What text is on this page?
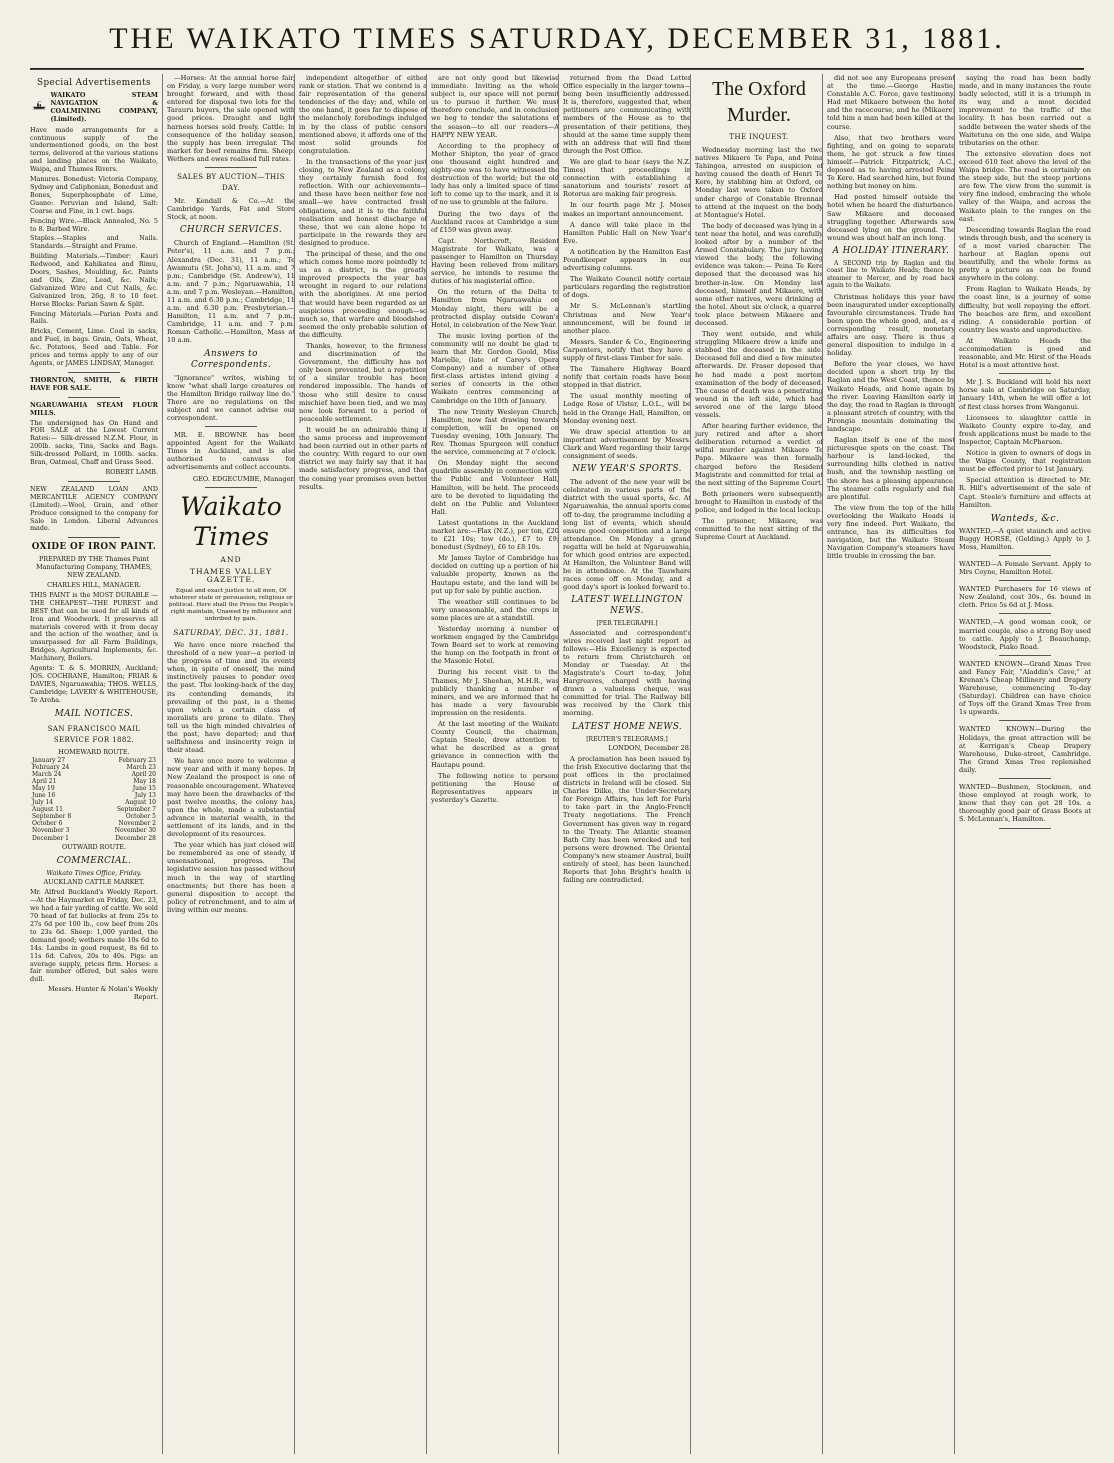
THE WAIKATO TIMES SATURDAY, DECEMBER 31, 1881.
Special Advertisements
WAIKATO STEAM NAVIGATION & COALMINING COMPANY, (Limited).

Have made arrangements for a continuous supply of the undermentioned goods, on the best terms, delivered at the various stations and landing places on the Waikato, Waipa, and Thames Rivers.

Manures. Bonedust: Victoria Company, Sydney and Caliphonian, Bonedust and Bones, Superphosphate of Lime, Guano: Peruvian and Island, Salt: Coarse and Fine, in 1 cwt. bags.

Fencing Wire.—Black Annealed, No. 5 to 8. Barbed Wire.

Staples.—Staples and Nails. Standards.—Straight and Frame.

Building Materials.—Timber: Kauri Redwood, and Kahikatea and Rimu, Doors, Sashes, Moulding, &c. Paints and Oils, Zinc, Lead, &c. Nails; Galvanized Wire and Cut Nails, &c. Galvanized Iron, 26g, 8 to 10 feet. Horse Blocks: Parian Sawn & Split.

Fencing Materials.—Parian Posts and Rails.

Bricks, Cement, Lime. Coal in sacks, and Fuel, in bags. Grain, Oats, Wheat, &c. Potatoes, Seed and Table. For prices and terms apply to any of our Agents, or JAMES LINDSAY, Manager.

THORNTON, SMITH, & FIRTH HAVE FOR SALE.

NGARUAWAHIA STEAM FLOUR MILLS.

The undersigned has On Hand and FOR SALE at the Lowest Current Rates:— Silk-dressed N.Z.M. Flour, in 200lb. sacks, Tins, Sacks and Bags. Silk-dressed Pollard, in 100lb. sacks. Bran, Oatmeal, Chaff and Grass Seed.

ROBERT LAMB.

NEW ZEALAND LOAN AND MERCANTILE AGENCY COMPANY (Limited).—Wool, Grain, and other Produce consigned to the company for Sale in London. Liberal Advances made.

OXIDE OF IRON PAINT.

PREPARED BY THE Thames Paint Manufacturing Company, THAMES, NEW ZEALAND.

CHARLES HILL, MANAGER.

THIS PAINT is the MOST DURABLE —THE CHEAPEST—THE PUREST and BEST that can be used for all kinds of Iron and Woodwork. It preserves all materials covered with it from decay and the action of the weather, and is unsurpassed for all Farm Buildings, Bridges, Agricultural Implements, &c. Machinery, Boilers.

Agents: T. & S. MORRIN, Auckland; JOS. COCHRANE, Hamilton; FRIAR & DAVIES, Ngaruawahia; THOS. WELLS, Cambridge; LAVERY & WHITEHOUSE, Te Aroha.

MAIL NOTICES.
SAN FRANCISCO MAIL SERVICE FOR 1882.
HOMEWARD ROUTE.
January 27	February 23
February 24	March 23
March 24	April 20
April 21	May 18
May 19	June 15
June 16	July 13
July 14	August 10
August 11	September 7
September 8	October 5
October 6	November 2
November 3	November 30
December 1	December 28
OUTWARD ROUTE.
COMMERCIAL.

Waikato Times Office, Friday.

AUCKLAND CATTLE MARKET.

Mr. Alfred Buckland's Weekly Report.—At the Haymarket on Friday, Dec. 23, we had a fair yarding of cattle. We sold 70 head of fat bullocks at from 25s to 27s 6d per 100 lb., cow beef from 20s to 23s 6d. Sheep: 1,000 yarded, the demand good; wethers made 10s 6d to 14s. Lambs in good request, 8s 6d to 11s 6d. Calves, 20s to 40s. Pigs: an average supply, prices firm. Horses: a fair number offered, but sales were dull.

Messrs. Hunter & Nolan's Weekly Report.

—Horses: At the annual horse fair, on Friday, a very large number were brought forward, and with those entered for disposal two lots for the Tarauru buyers, the sale opened with good prices. Draught and light harness horses sold freely. Cattle: In consequence of the holiday season, the supply has been irregular. The market for beef remains firm. Sheep: Wethers and ewes realised full rates.

SALES BY AUCTION—THIS DAY.

Mr. Kendall & Co.—At the Cambridge Yards, Fat and Store Stock, at noon.

CHURCH SERVICES.

Church of England.—Hamilton (St. Peter's), 11 a.m. and 7 p.m.; Alexandra (Dec. 31), 11 a.m.; Te Awamutu (St. John's), 11 a.m. and 7 p.m.; Cambridge (St. Andrew's), 11 a.m. and 7 p.m.; Ngaruawahia, 11 a.m. and 7 p.m. Wesleyan.—Hamilton, 11 a.m. and 6.30 p.m.; Cambridge, 11 a.m. and 6.30 p.m. Presbyterian.—Hamilton, 11 a.m. and 7 p.m.; Cambridge, 11 a.m. and 7 p.m. Roman Catholic.—Hamilton, Mass at 10 a.m.

Answers to Correspondents.

"Ignorance" writes, wishing to know "what shall large creatures on the Hamilton Bridge railway line do." There are no regulations on the subject and we cannot advise our correspondent.

MR. E. BROWNE has been appointed Agent for the Waikato Times in Auckland, and is also authorised to canvass for advertisements and collect accounts.

GEO. EDGECUMBE, Manager.

Waikato Times
AND
THAMES VALLEY GAZETTE.

Equal and exact justice to all men, Of whatever state or persuasion, religious or political. Here shall the Press the People's right maintain, Unawed by influence and unbribed by gain.

SATURDAY, DEC. 31, 1881.

We have once more reached the threshold of a new year—a period in the progress of time and its events when, in spite of oneself, the mind instinctively pauses to ponder over the past. The looking-back of the day, its contending demands, its prevailing of the past, is a theme upon which a certain class of moralists are prone to dilate. They tell us the high minded chivalries of the past, have departed; and that selfishness and insincerity reign in their stead.

We have once more to welcome a new year and with it many hopes. In New Zealand the prospect is one of reasonable encouragement. Whatever may have been the drawbacks of the past twelve months, the colony has, upon the whole, made a substantial advance in material wealth, in the settlement of its lands, and in the development of its resources.

The year which has just closed will be remembered as one of steady, if unsensational, progress. The legislative session has passed without much in the way of startling enactments; but there has been a general disposition to accept the policy of retrenchment, and to aim at living within our means.

independent altogether of either rank or station. That we contend is a fair representation of the general tendencies of the day; and, while on the one hand, it goes far to dispose of the melancholy forebodings indulged in by the class of public censors mentioned above, it affords one of the most solid grounds for congratulation.

In the transactions of the year just closing, to New Zealand as a colony, they certainly furnish food for reflection. With our achievements—and these have been neither few nor small—we have contracted fresh obligations, and it is to the faithful realisation and honest discharge of these, that we can alone hope to participate in the rewards they are designed to produce.

The principal of these, and the one which comes home more pointedly to us as a district, is the greatly improved prospects the year has wrought in regard to our relations with the aborigines. At one period that would have been regarded as an auspicious proceeding enough—so much so, that warfare and bloodshed seemed the only probable solution of the difficulty.

Thanks, however, to the firmness and discrimination of the Government, the difficulty has not only been prevented, but a repetition of a similar trouble has been rendered impossible. The hands of those who still desire to cause mischief have been tied, and we may now look forward to a period of peaceable settlement.

It would be an admirable thing if the same process and improvement had been carried out in other parts of the country. With regard to our own district we may fairly say that it has made satisfactory progress, and that the coming year promises even better results.

are not only good but likewise immediate. Inviting as the whole subject is, our space will not permit us to pursue it further. We must therefore conclude, and in conclusion we beg to tender the salutations of the season—to all our readers—A HAPPY NEW YEAR.

According to the prophecy of Mother Shipton, the year of grace one thousand eight hundred and eighty-one was to have witnessed the destruction of the world; but the old lady has only a limited space of time left to come up to the mark, and it is of no use to grumble at the failure.

During the two days of the Auckland races at Cambridge a sum of £159 was given away.

Capt. Northcroft, Resident Magistrate for Waikato, was a passenger to Hamilton on Thursday. Having been relieved from military service, he intends to resume the duties of his magisterial office.

On the return of the Delta to Hamilton from Ngaruawahia on Monday night, there will be a protracted display outside Cowan's Hotel, in celebration of the New Year.

The music loving portion of the community will no doubt be glad to learn that Mr. Gordon Goold, Miss Marielle, (late of Carey's Opera Company) and a number of other first-class artistes intend giving a series of concerts in the other Waikato centres commencing at Cambridge on the 10th of January.

The new Trinity Wesleyan Church, Hamilton, now fast drawing towards completion, will be opened on Tuesday evening, 10th January. The Rev. Thomas Spurgeon will conduct the service, commencing at 7 o'clock.

On Monday night the second quadrille assembly in connection with the Public and Volunteer Hall, Hamilton, will be held. The proceeds are to be devoted to liquidating the debt on the Public and Volunteer Hall.

Latest quotations in the Auckland market are:—Flax (N.Z.), per ton, £20 to £21 10s; tow (do.), £7 to £9; bonedust (Sydney), £6 to £8 10s.

Mr James Taylor of Cambridge has decided on cutting up a portion of his valuable property, known as the Hautapu estate, and the land will be put up for sale by public auction.

The weather still continues to be very unseasonable, and the crops in some places are at a standstill.

Yesterday morning a number of workmen engaged by the Cambridge Town Board set to work at removing the hump on the footpath in front of the Masonic Hotel.

During his recent visit to the Thames, Mr J. Sheehan, M.H.R., was publicly thanking a number of miners, and we are informed that he has made a very favourable impression on the residents.

At the last meeting of the Waikato County Council, the chairman, Captain Steele, drew attention to what he described as a great grievance in connection with the Hautapu pound.

The following notice to persons petitioning the House of Representatives appears in yesterday's Gazette.

returned from the Dead Letter Office especially in the larger towns—being been insufficiently addressed. It is, therefore, suggested that, when petitioners are communicating with members of the House as to the presentation of their petitions, they should at the same time supply them with an address that will find them through the Post Office.

We are glad to hear (says the N.Z. Times) that proceedings in connection with establishing a sanatorium and tourists' resort at Rotorua are making fair progress.

In our fourth page Mr J. Moses makes an important announcement.

A dance will take place in the Hamilton Public Hall on New Year's Eve.

A notification by the Hamilton East Poundkeeper appears in our advertising columns.

The Waikato Council notify certain particulars regarding the registration of dogs.

Mr S. McLennan's startling Christmas and New Year's announcement, will be found in another place.

Messrs. Sander & Co., Engineering Carpenters, notify that they have a supply of first-class Timber for sale.

The Tamahere Highway Board notify that certain roads have been stopped in that district.

The usual monthly meeting of Lodge Rose of Ulster, L.O.L., will be held in the Orange Hall, Hamilton, on Monday evening next.

We draw special attention to an important advertisement by Messrs. Clark and Ward regarding their large consignment of seeds.

NEW YEAR'S SPORTS.

The advent of the new year will be celebrated in various parts of the district with the usual sports, &c. At Ngaruawahia, the annual sports come off to-day, the programme including a long list of events, which should ensure good competition and a large attendance. On Monday a grand regatta will be held at Ngaruawahia, for which good entries are expected. At Hamilton, the Volunteer Band will be in attendance. At the Tauwhare races come off on Monday, and a good day's sport is looked forward to.

LATEST WELLINGTON NEWS.
[PER TELEGRAPH.]

Associated and correspondent's wires received last night report as follows:—His Excellency is expected to return from Christchurch on Monday or Tuesday. At the Magistrate's Court to-day, John Hargreaves, charged with having drawn a valueless cheque, was committed for trial. The Railway bill was received by the Clerk this morning.

LATEST HOME NEWS.
[REUTER'S TELEGRAMS.]

LONDON, December 28.

A proclamation has been issued by the Irish Executive declaring that the post offices in the proclaimed districts in Ireland will be closed. Sir Charles Dilke, the Under-Secretary for Foreign Affairs, has left for Paris to take part in the Anglo-French Treaty negotiations. The French Government has given way in regard to the Treaty. The Atlantic steamer Bath City has been wrecked and ten persons were drowned. The Oriental Company's new steamer Austral, built entirely of steel, has been launched. Reports that John Bright's health is failing are contradicted.

The Oxford Murder.
THE INQUEST.

Wednesday morning last the two natives Mikaere Te Papa, and Peina Tahingoa, arrested on suspicion of having caused the death of Henri Te Kere, by stabbing him at Oxford, on Monday last were taken to Oxford under charge of Constable Brennan to attend at the inquest on the body at Montague's Hotel.

The body of deceased was lying in a tent near the hotel, and was carefully looked after by a number of the Armed Constabulary. The jury having viewed the body, the following evidence was taken:— Peina Te Kere deposed that the deceased was his brother-in-law. On Monday last deceased, himself and Mikaere, with some other natives, were drinking at the hotel. About six o'clock, a quarrel took place between Mikaere and deceased.

They went outside, and while struggling Mikaere drew a knife and stabbed the deceased in the side. Deceased fell and died a few minutes afterwards. Dr. Fraser deposed that he had made a post mortem examination of the body of deceased. The cause of death was a penetrating wound in the left side, which had severed one of the large blood vessels.

After hearing further evidence, the jury retired and after a short deliberation returned a verdict of wilful murder against Mikaere Te Papa. Mikaere was then formally charged before the Resident Magistrate and committed for trial at the next sitting of the Supreme Court.

Both prisoners were subsequently brought to Hamilton in custody of the police, and lodged in the local lockup.

The prisoner, Mikaere, was committed to the next sitting of the Supreme Court at Auckland.

did not see any Europeans present at the time.—George Hastie, Constable A.C. Force, gave testimony. Had met Mikaere between the hotel and the racecourse, and he (Mikaere) told him a man had been killed at the course.

Also, that two brothers were fighting, and on going to separate them, he got struck a few times himself.—Patrick Fitzpatrick, A.C., deposed as to having arrested Peina Te Kere. Had searched him, but found nothing but money on him.

Had posted himself outside the hotel when he heard the disturbance. Saw Mikaere and deceased struggling together. Afterwards saw deceased lying on the ground. The wound was about half an inch long.

A HOLIDAY ITINERARY.

A SECOND trip by Raglan and the coast line to Waikato Heads; thence by steamer to Mercer, and by road back again to the Waikato.

Christmas holidays this year have been inaugurated under exceptionally favourable circumstances. Trade has been upon the whole good, and, as a corresponding result, monetary affairs are easy. There is thus a general disposition to indulge in a holiday.

Before the year closes, we have decided upon a short trip by the Raglan and the West Coast, thence by Waikato Heads, and home again by the river. Leaving Hamilton early in the day, the road to Raglan is through a pleasant stretch of country, with the Pirongia mountain dominating the landscape.

Raglan itself is one of the most picturesque spots on the coast. The harbour is land-locked, the surrounding hills clothed in native bush, and the township nestling on the shore has a pleasing appearance. The steamer calls regularly and fish are plentiful.

The view from the top of the hills overlooking the Waikato Heads is very fine indeed. Port Waikato, the entrance, has its difficulties for navigation, but the Waikato Steam Navigation Company's steamers have little trouble in crossing the bar.

saying the road has been badly made, and in many instances the route badly selected, still it is a triumph in its way, and a most decided improvement to the traffic of the locality. It has been carried out a saddle between the water sheds of the Waitetuna on the one side, and Waipa tributaries on the other.

The extensive elevation does not exceed 610 feet above the level of the Waipa bridge. The road is certainly on the steep side, but the steep portions are few. The view from the summit is very fine indeed, embracing the whole valley of the Waipa, and across the Waikato plain to the ranges on the east.

Descending towards Raglan the road winds through bush, and the scenery is of a most varied character. The harbour at Raglan opens out beautifully, and the whole forms as pretty a picture as can be found anywhere in the colony.

From Raglan to Waikato Heads, by the coast line, is a journey of some difficulty, but well repaying the effort. The beaches are firm, and excellent riding. A considerable portion of country lies waste and unproductive.

At Waikato Heads the accommodation is good and reasonable, and Mr. Hirst of the Heads Hotel is a most attentive host.

Mr J. S. Buckland will hold his next horse sale at Cambridge on Saturday, January 14th, when he will offer a lot of first class horses from Wanganui.

Licensees to slaughter cattle in Waikato County expire to-day, and fresh applications must be made to the Inspector, Captain McPherson.

Notice is given to owners of dogs in the Waipa County, that registration must be effected prior to 1st January.

Special attention is directed to Mr. R. Hill's advertisement of the sale of Capt. Steele's furniture and effects at Hamilton.

Wanteds, &c.

WANTED,—A quiet staunch and active Buggy HORSE, (Gelding.) Apply to J. Moss, Hamilton.

WANTED—A Female Servant. Apply to Mrs Coyne, Hamilton Hotel.

WANTED Purchasers for 16 views of New Zealand, cost 30s., 6s. bound in cloth. Price 5s 6d at J. Moss.

WANTED,—A good woman cook, or married couple, also a strong Boy used to cattle. Apply to J. Beauchamp, Woodstock, Piako Road.

WANTED KNOWN—Grand Xmas Tree and Fancy Fair, "Aladdin's Cave," at Krenan's Cheap Millinery and Drapery Warehouse, commencing To-day (Saturday). Children can have choice of Toys off the Grand Xmas Tree from 1s upwards.

WANTED KNOWN—During the Holidays, the great attraction will be at Kerrigan's Cheap Drapery Warehouse, Duke-street, Cambridge. The Grand Xmas Tree replenished daily.

WANTED—Bushmen, Stockmen, and those employed at rough work, to know that they can get 28 10s. a thoroughly good pair of Grass Boots at S. McLennan's, Hamilton.
